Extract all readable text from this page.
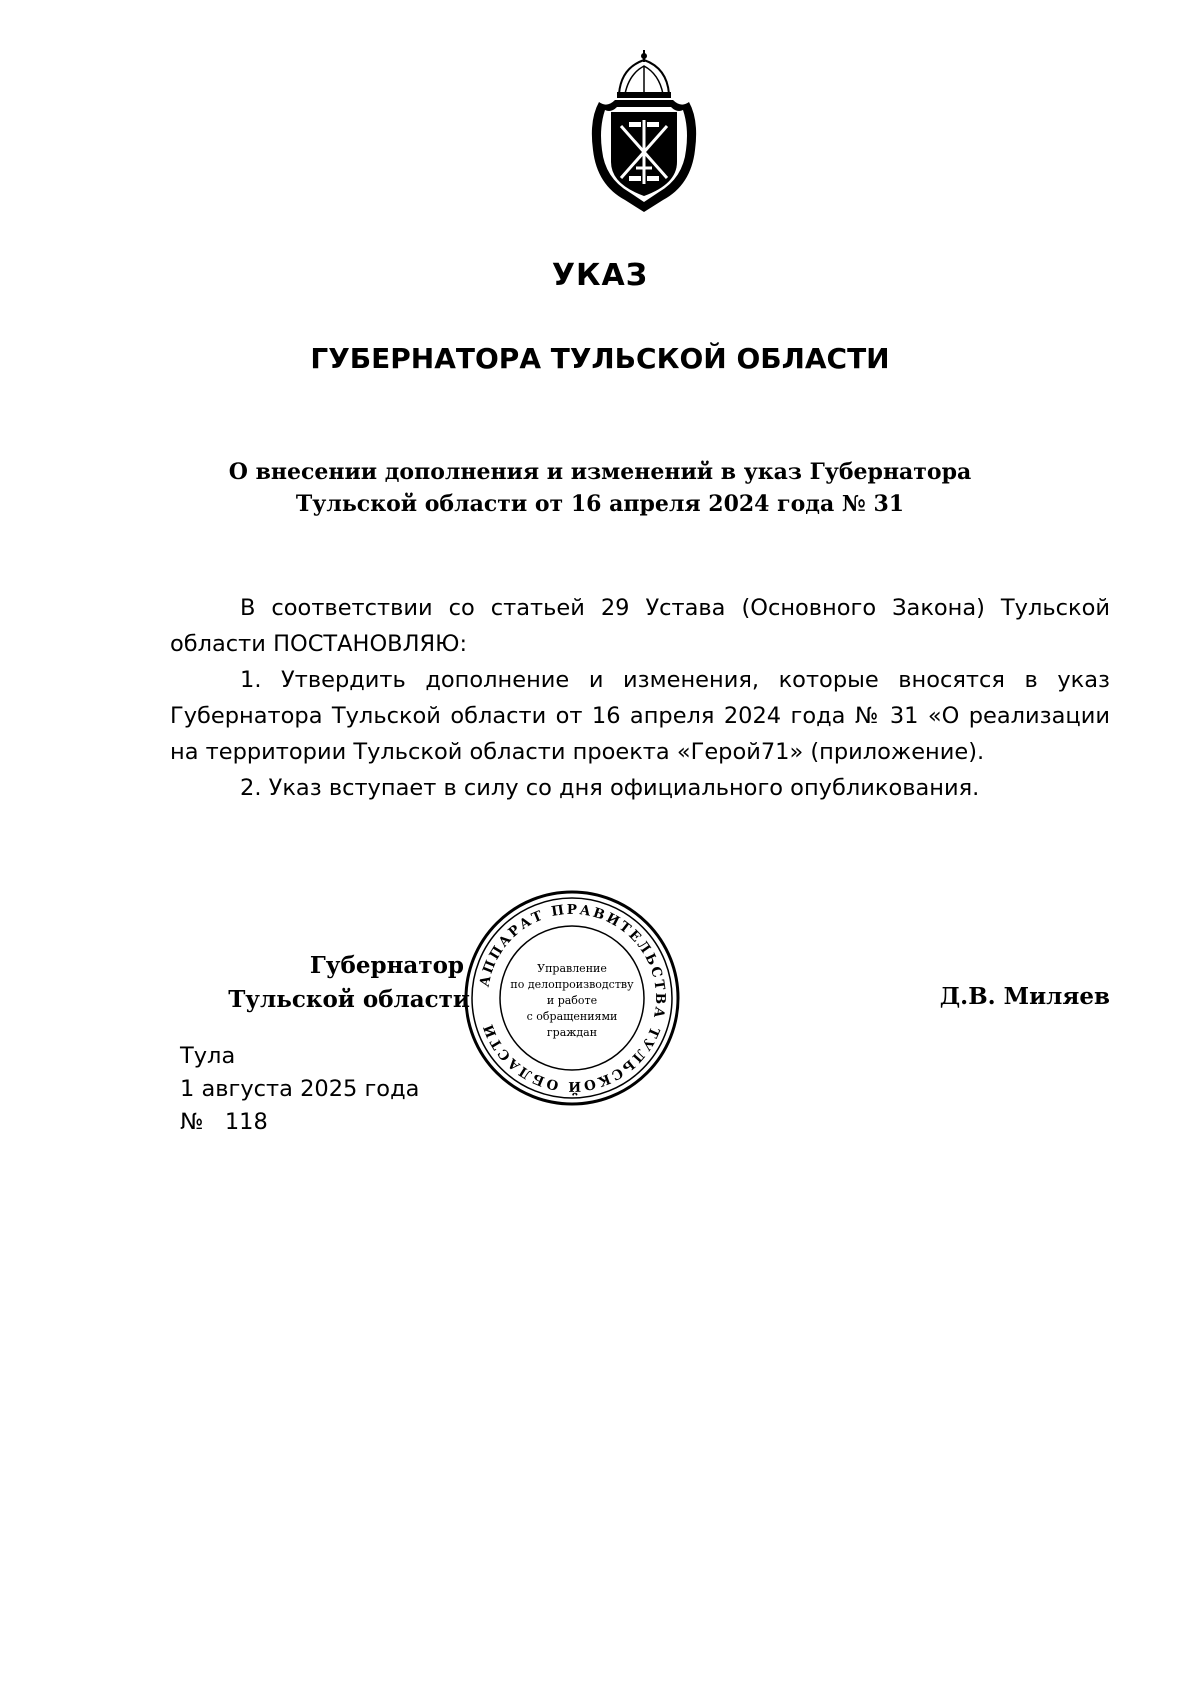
УКАЗ
ГУБЕРНАТОРА ТУЛЬСКОЙ ОБЛАСТИ
О внесении дополнения и изменений в указ Губернатора
Тульской области от 16 апреля 2024 года № 31

В соответствии со статьей 29 Устава (Основного Закона) Тульской области ПОСТАНОВЛЯЮ:

1. Утвердить дополнение и изменения, которые вносятся в указ Губернатора Тульской области от 16 апреля 2024 года № 31 «О реализации на территории Тульской области проекта «Герой71» (приложение).

2. Указ вступает в силу со дня официального опубликования.

Губернатор
Тульской области	Д.В. Миляев
Тула
1 августа 2025 года
№   118
АППАРАТ ПРАВИТЕЛЬСТВА ТУЛЬСКОЙ ОБЛАСТИ
Управление
по делопроизводству
и работе
с обращениями
граждан
